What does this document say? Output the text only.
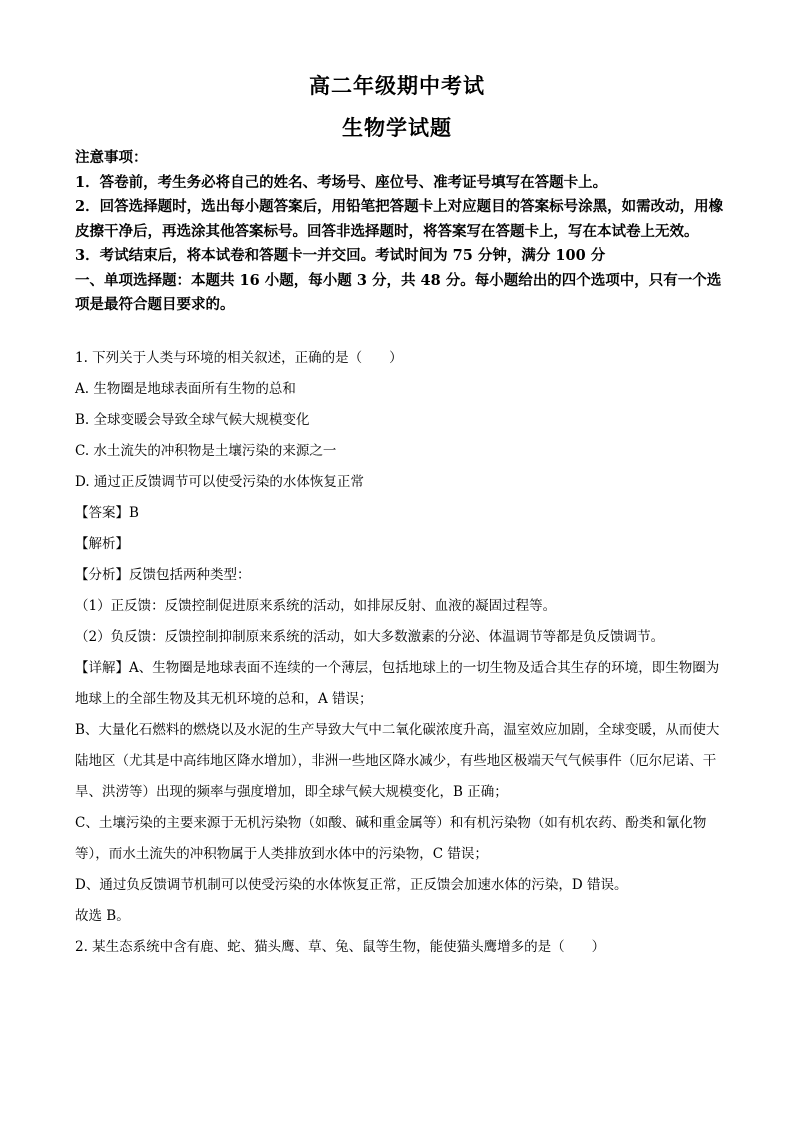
高二年级期中考试
生物学试题

注意事项：

1．答卷前，考生务必将自己的姓名、考场号、座位号、准考证号填写在答题卡上。

2．回答选择题时，选出每小题答案后，用铅笔把答题卡上对应题目的答案标号涂黑，如需改动，用橡皮擦干净后，再选涂其他答案标号。回答非选择题时，将答案写在答题卡上，写在本试卷上无效。

3．考试结束后，将本试卷和答题卡一并交回。考试时间为 75 分钟，满分 100 分

一、单项选择题：本题共 16 小题，每小题 3 分，共 48 分。每小题给出的四个选项中，只有一个选项是最符合题目要求的。

1. 下列关于人类与环境的相关叙述，正确的是（　　）

A. 生物圈是地球表面所有生物的总和

B. 全球变暖会导致全球气候大规模变化

C. 水土流失的冲积物是土壤污染的来源之一

D. 通过正反馈调节可以使受污染的水体恢复正常

【答案】B

【解析】

【分析】反馈包括两种类型：

（1）正反馈：反馈控制促进原来系统的活动，如排尿反射、血液的凝固过程等。

（2）负反馈：反馈控制抑制原来系统的活动，如大多数激素的分泌、体温调节等都是负反馈调节。

【详解】A、生物圈是地球表面不连续的一个薄层，包括地球上的一切生物及适合其生存的环境，即生物圈为地球上的全部生物及其无机环境的总和，A 错误；

B、大量化石燃料的燃烧以及水泥的生产导致大气中二氧化碳浓度升高，温室效应加剧，全球变暖，从而使大陆地区（尤其是中高纬地区降水增加），非洲一些地区降水减少，有些地区极端天气气候事件（厄尔尼诺、干旱、洪涝等）出现的频率与强度增加，即全球气候大规模变化，B 正确；

C、土壤污染的主要来源于无机污染物（如酸、碱和重金属等）和有机污染物（如有机农药、酚类和氰化物等），而水土流失的冲积物属于人类排放到水体中的污染物，C 错误；

D、通过负反馈调节机制可以使受污染的水体恢复正常，正反馈会加速水体的污染，D 错误。

故选 B。

2. 某生态系统中含有鹿、蛇、猫头鹰、草、兔、鼠等生物，能使猫头鹰增多的是（　　）
